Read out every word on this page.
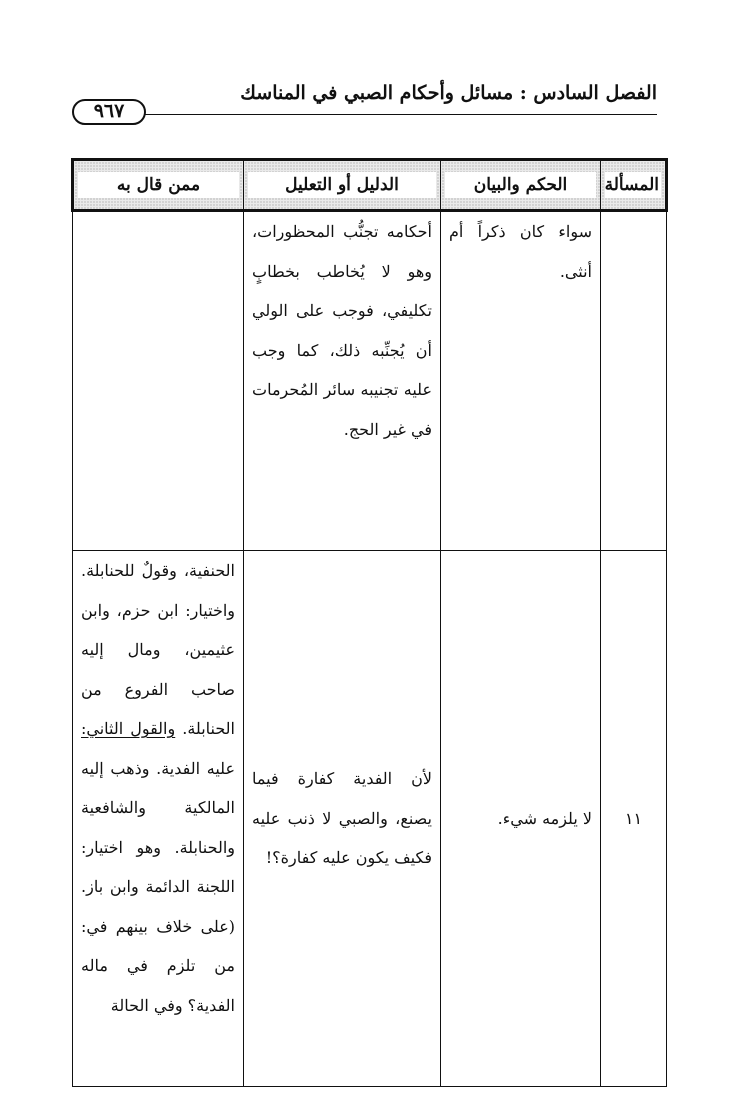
الفصل السادس : مسائل وأحكام الصبي في المناسك
٩٦٧
المسألة	الحكم والبيان	الدليل أو التعليل	ممن قال به

	سواء كان ذكراً أم أنثى.	أحكامه تجنُّب المحظورات، وهو لا يُخاطب بخطابٍ تكليفي، فوجب على الولي أن يُجنِّبه ذلك، كما وجب عليه تجنيبه سائر المُحرمات في غير الحج.	

١١	لا يلزمه شيء.	لأن الفدية كفارة فيما يصنع، والصبي لا ذنب عليه فكيف يكون عليه كفارة؟!	الحنفية، وقولٌ للحنابلة. واختيار: ابن حزم، وابن عثيمين، ومال إليه صاحب الفروع من الحنابلة. والقول الثاني: عليه الفدية. وذهب إليه المالكية والشافعية والحنابلة. وهو اختيار: اللجنة الدائمة وابن باز. (على خلاف بينهم في: من تلزم في ماله الفدية؟ وفي الحالة
